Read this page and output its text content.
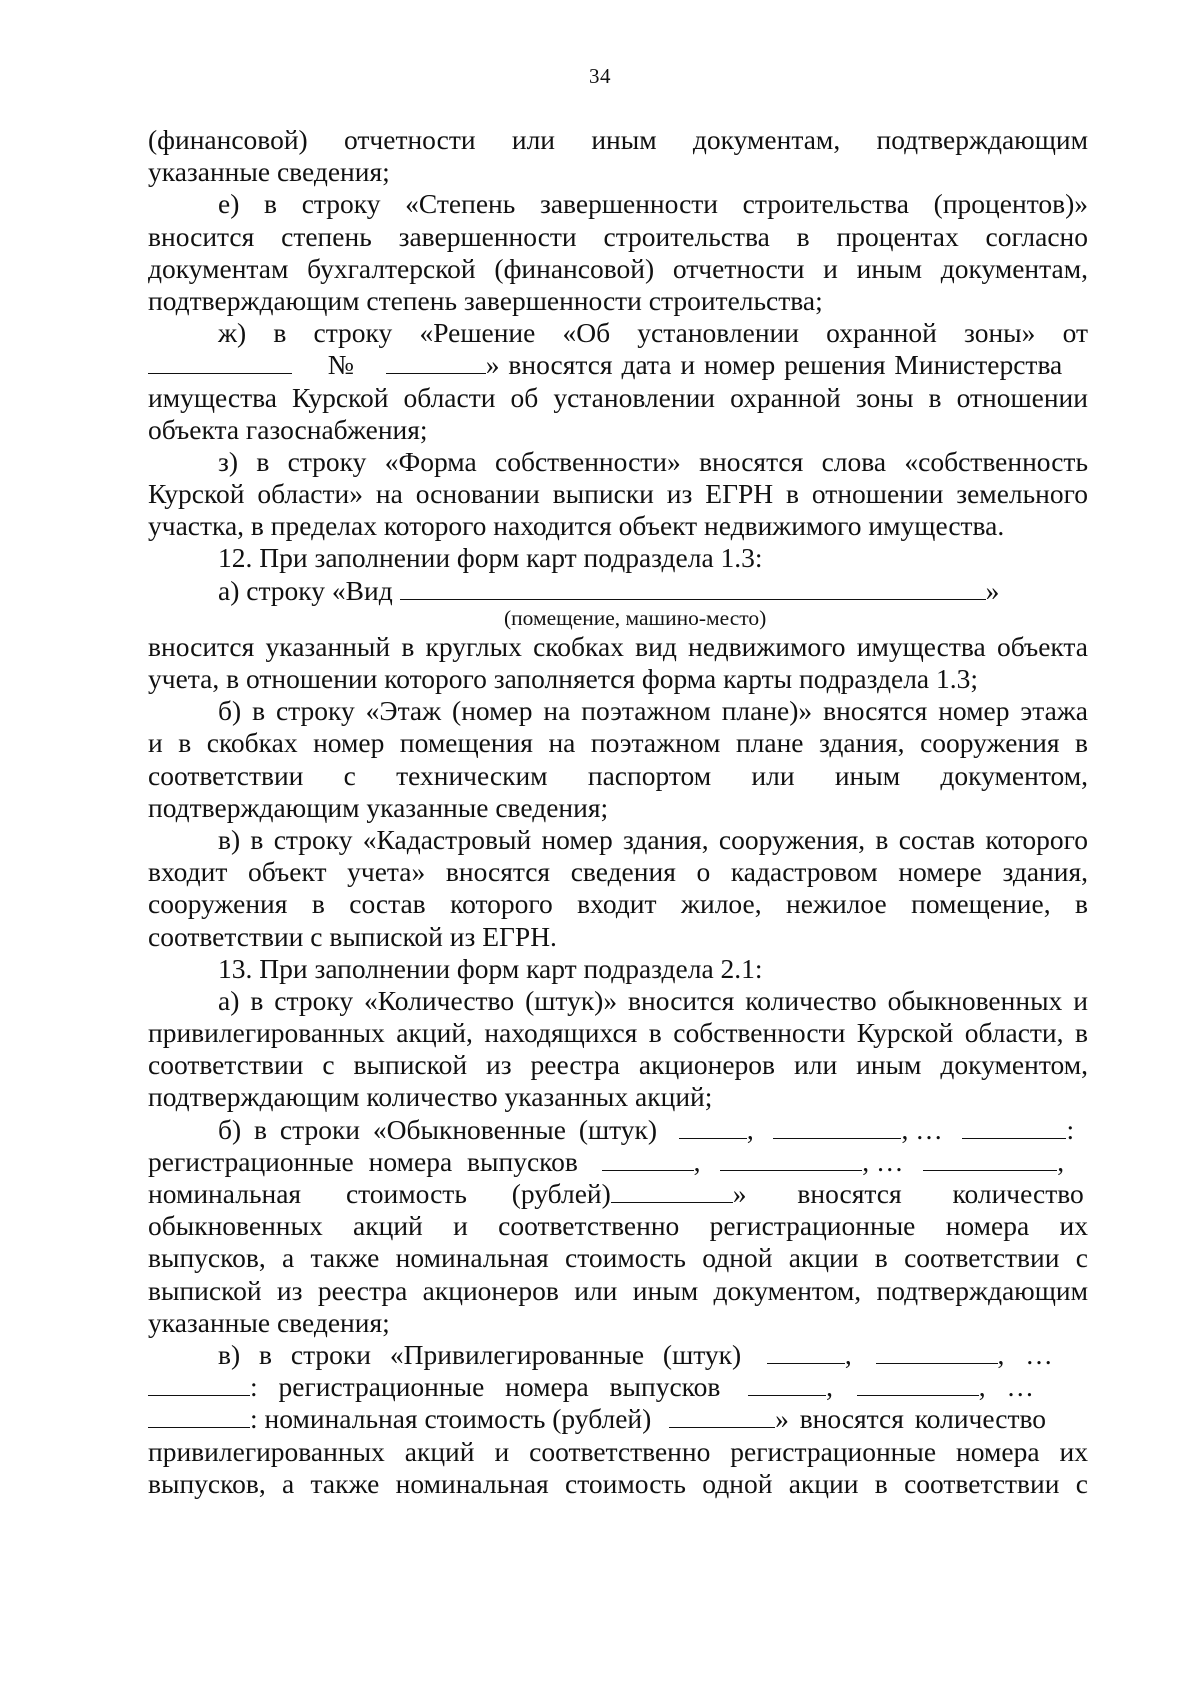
34
(финансовой) отчетности или иным документам, подтверждающим
указанные сведения;
е) в строку «Степень завершенности строительства (процентов)»
вносится степень завершенности строительства в процентах согласно
документам бухгалтерской (финансовой) отчетности и иным документам,
подтверждающим степень завершенности строительства;
ж) в строку «Решение «Об установлении охранной зоны» от
№	» вносятся дата и номер решения Министерства
имущества Курской области об установлении охранной зоны в отношении
объекта газоснабжения;
з) в строку «Форма собственности» вносятся слова «собственность
Курской области» на основании выписки из ЕГРН в отношении земельного
участка, в пределах которого находится объект недвижимого имущества.
12. При заполнении форм карт подраздела 1.3:
а) строку «Вид	»
(помещение, машино-место)
вносится указанный в круглых скобках вид недвижимого имущества объекта
учета, в отношении которого заполняется форма карты подраздела 1.3;
б) в строку «Этаж (номер на поэтажном плане)» вносятся номер этажа
и в скобках номер помещения на поэтажном плане здания, сооружения в
соответствии с техническим паспортом или иным документом,
подтверждающим указанные сведения;
в) в строку «Кадастровый номер здания, сооружения, в состав которого
входит объект учета» вносятся сведения о кадастровом номере здания,
сооружения в состав которого входит жилое, нежилое помещение, в
соответствии с выпиской из ЕГРН.
13. При заполнении форм карт подраздела 2.1:
а) в строку «Количество (штук)» вносится количество обыкновенных и
привилегированных акций, находящихся в собственности Курской области, в
соответствии с выпиской из реестра акционеров или иным документом,
подтверждающим количество указанных акций;
б) в строки «Обыкновенные (штук)	,	, …	:
регистрационные номера выпусков	,	, …	,
номинальная стоимость (рублей)	» вносятся количество
обыкновенных акций и соответственно регистрационные номера их
выпусков, а также номинальная стоимость одной акции в соответствии с
выпиской из реестра акционеров или иным документом, подтверждающим
указанные сведения;
в) в строки «Привилегированные (штук)	,	, …
: регистрационные номера выпусков	,	, …
: номинальная стоимость (рублей)	» вносятся количество
привилегированных акций и соответственно регистрационные номера их
выпусков, а также номинальная стоимость одной акции в соответствии с
